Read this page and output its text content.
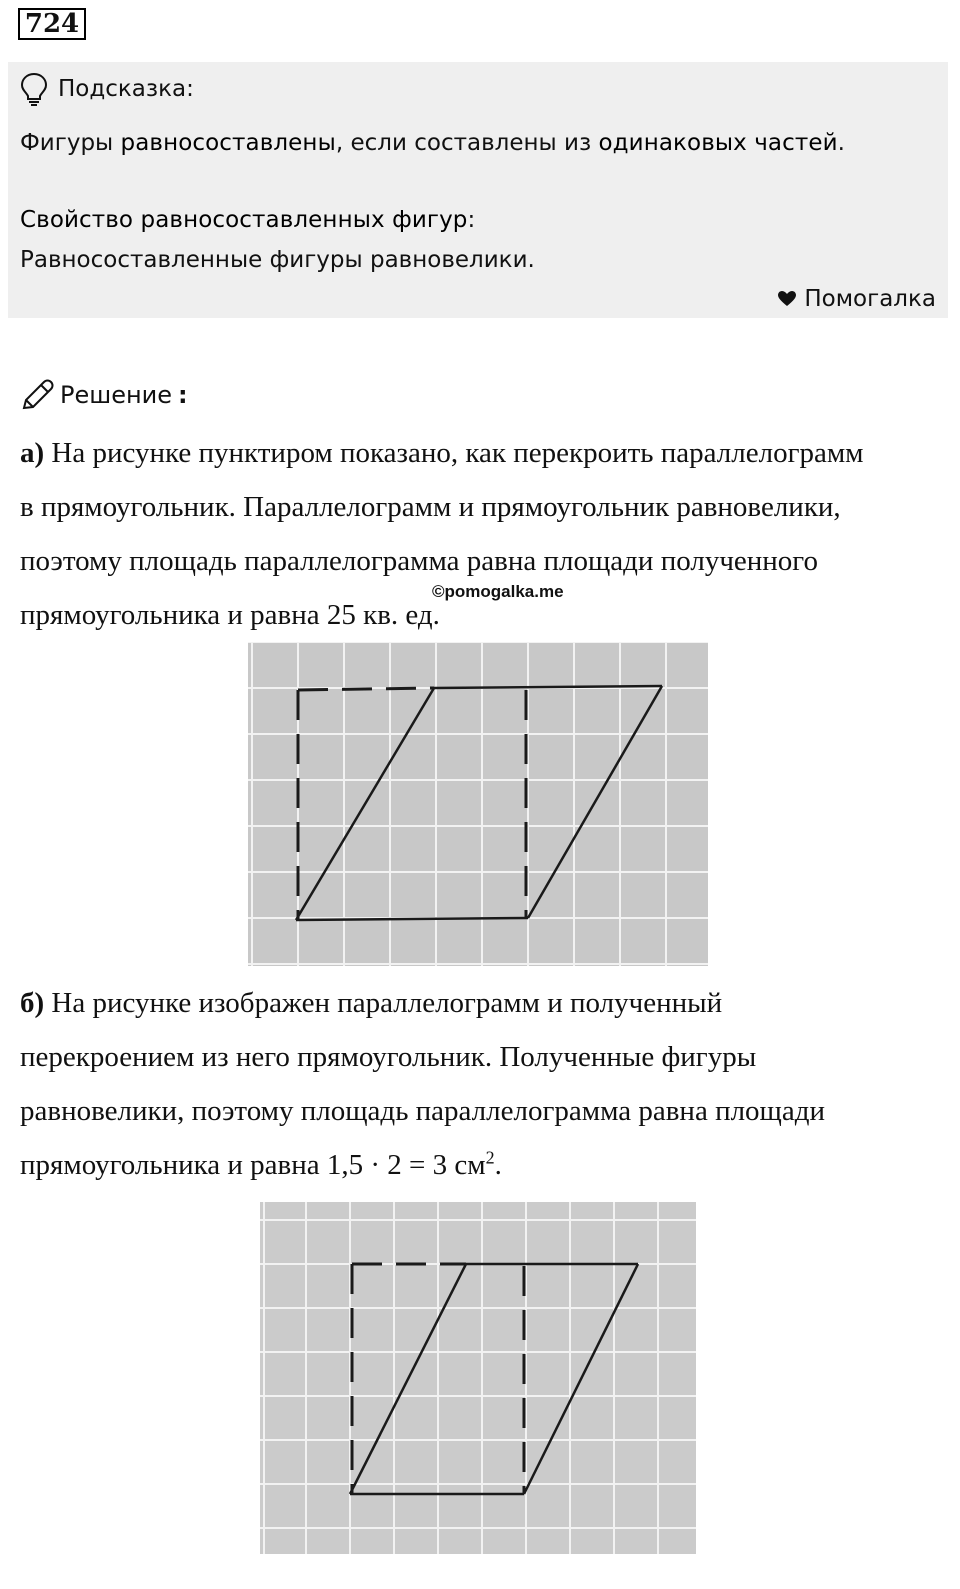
724
Подсказка:
Фигуры равносоставлены, если составлены из одинаковых частей.
Свойство равносоставленных фигур:
Равносоставленные фигуры равновелики.
Помогалка
Решение :
а) На рисунке пунктиром показано, как перекроить параллелограмм
в прямоугольник. Параллелограмм и прямоугольник равновелики,
поэтому площадь параллелограмма равна площади полученного
прямоугольника и равна 25 кв. ед.
©pomogalka.me
б) На рисунке изображен параллелограмм и полученный
перекроением из него прямоугольник. Полученные фигуры
равновелики, поэтому площадь параллелограмма равна площади
прямоугольника и равна 1,5 · 2 = 3 $см^2$.
